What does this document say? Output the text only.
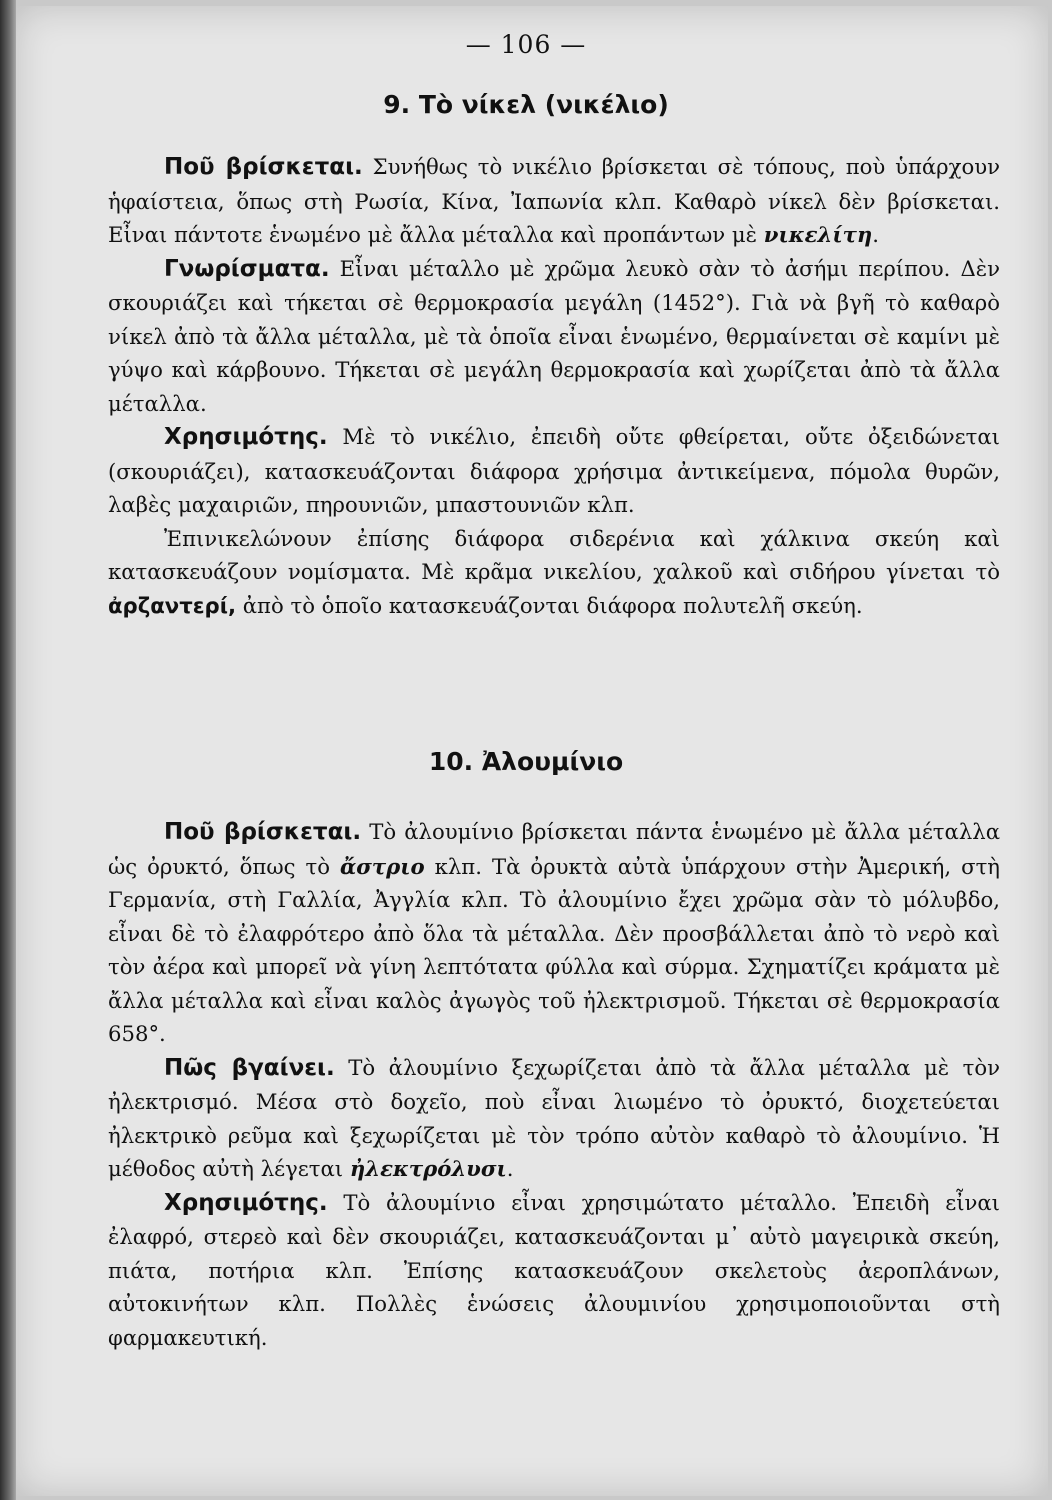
— 106 —
9. Τὸ νίκελ (νικέλιο)

Ποῦ βρίσκεται. Συνήθως τὸ νικέλιο βρίσκεται σὲ τόπους, ποὺ ὑπάρχουν ἡφαίστεια, ὅπως στὴ Ρωσία, Κίνα, Ἰαπωνία κλπ. Καθαρὸ νίκελ δὲν βρίσκεται. Εἶναι πάντοτε ἑνωμένο μὲ ἄλλα μέταλλα καὶ προπάντων μὲ νικελίτη.

Γνωρίσματα. Εἶναι μέταλλο μὲ χρῶμα λευκὸ σὰν τὸ ἀσήμι περίπου. Δὲν σκουριάζει καὶ τήκεται σὲ θερμοκρασία μεγάλη (1452°). Γιὰ νὰ βγῆ τὸ καθαρὸ νίκελ ἀπὸ τὰ ἄλλα μέταλλα, μὲ τὰ ὁποῖα εἶναι ἑνωμένο, θερμαίνεται σὲ καμίνι μὲ γύψο καὶ κάρβουνο. Τήκεται σὲ μεγάλη θερμοκρασία καὶ χωρίζεται ἀπὸ τὰ ἄλλα μέταλλα.

Χρησιμότης. Μὲ τὸ νικέλιο, ἐπειδὴ οὔτε φθείρεται, οὔτε ὀξειδώνεται (σκουριάζει), κατασκευάζονται διάφορα χρήσιμα ἀντικείμενα, πόμολα θυρῶν, λαβὲς μαχαιριῶν, πηρουνιῶν, μπαστουνιῶν κλπ.

Ἐπινικελώνουν ἐπίσης διάφορα σιδερένια καὶ χάλκινα σκεύη καὶ κατασκευάζουν νομίσματα. Μὲ κρᾶμα νικελίου, χαλκοῦ καὶ σιδήρου γίνεται τὸ ἀρζαντερί, ἀπὸ τὸ ὁποῖο κατασκευάζονται διάφορα πολυτελῆ σκεύη.

10. Ἀλουμίνιο

Ποῦ βρίσκεται. Τὸ ἀλουμίνιο βρίσκεται πάντα ἑνωμένο μὲ ἄλλα μέταλλα ὡς ὀρυκτό, ὅπως τὸ ἄστριο κλπ. Τὰ ὀρυκτὰ αὐτὰ ὑπάρχουν στὴν Ἀμερική, στὴ Γερμανία, στὴ Γαλλία, Ἀγγλία κλπ. Τὸ ἀλουμίνιο ἔχει χρῶμα σὰν τὸ μόλυβδο, εἶναι δὲ τὸ ἐλαφρότερο ἀπὸ ὅλα τὰ μέταλλα. Δὲν προσβάλλεται ἀπὸ τὸ νερὸ καὶ τὸν ἀέρα καὶ μπορεῖ νὰ γίνη λεπτότατα φύλλα καὶ σύρμα. Σχηματίζει κράματα μὲ ἄλλα μέταλλα καὶ εἶναι καλὸς ἀγωγὸς τοῦ ἠλεκτρισμοῦ. Τήκεται σὲ θερμοκρασία 658°.

Πῶς βγαίνει. Τὸ ἀλουμίνιο ξεχωρίζεται ἀπὸ τὰ ἄλλα μέταλλα μὲ τὸν ἠλεκτρισμό. Μέσα στὸ δοχεῖο, ποὺ εἶναι λιωμένο τὸ ὀρυκτό, διοχετεύεται ἠλεκτρικὸ ρεῦμα καὶ ξεχωρίζεται μὲ τὸν τρόπο αὐτὸν καθαρὸ τὸ ἀλουμίνιο. Ἡ μέθοδος αὐτὴ λέγεται ἠλεκτρόλυσι.

Χρησιμότης. Τὸ ἀλουμίνιο εἶναι χρησιμώτατο μέταλλο. Ἐπειδὴ εἶναι ἐλαφρό, στερεὸ καὶ δὲν σκουριάζει, κατασκευάζονται μ᾽ αὐτὸ μαγειρικὰ σκεύη, πιάτα, ποτήρια κλπ. Ἐπίσης κατασκευάζουν σκελετοὺς ἀεροπλάνων, αὐτοκινήτων κλπ. Πολλὲς ἑνώσεις ἀλουμινίου χρησιμοποιοῦνται στὴ φαρμακευτική.
